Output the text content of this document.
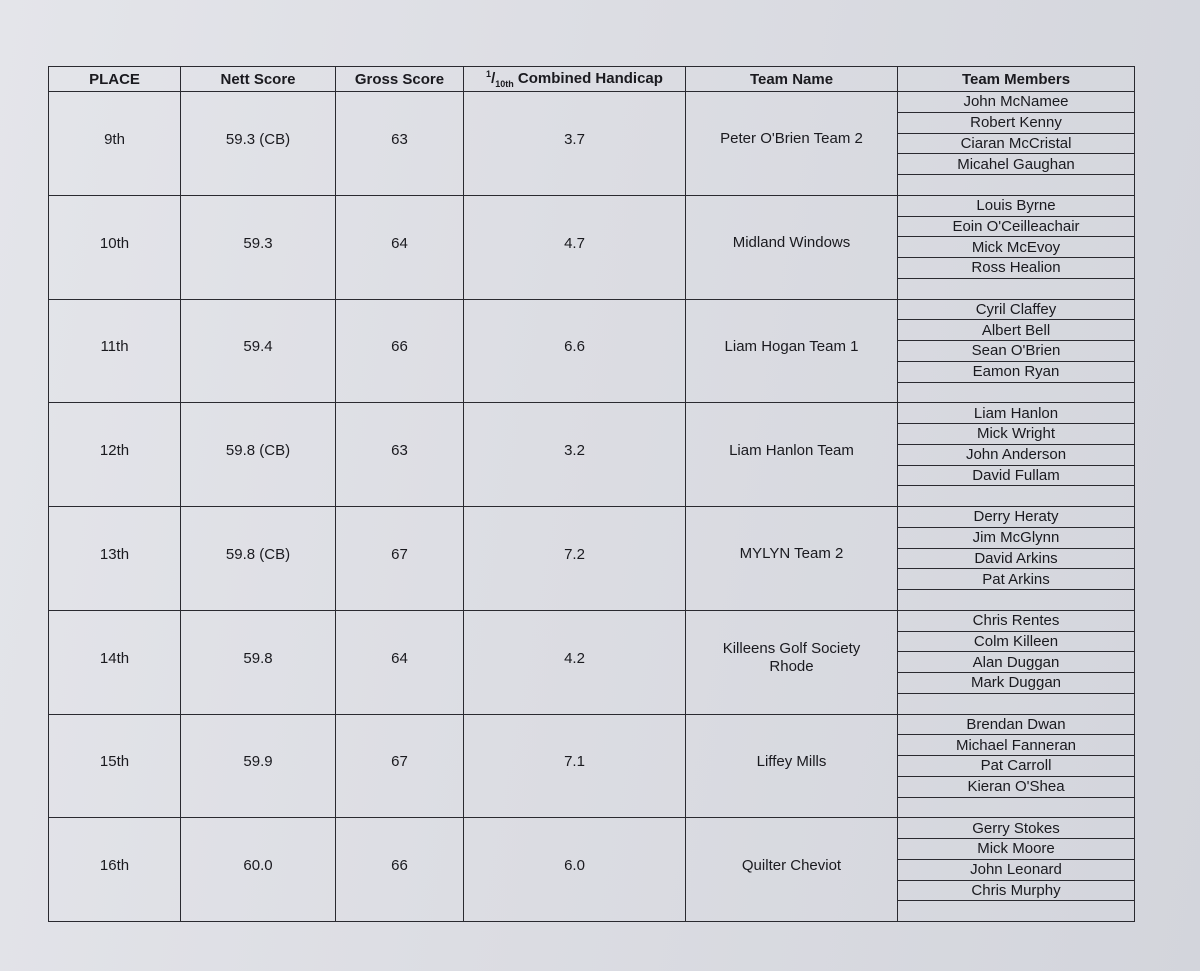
PLACE	Nett Score	Gross Score	$^1/_{10th}$ Combined Handicap	Team Name	Team Members
9th	59.3 (CB)	63	3.7	Peter O'Brien Team 2	John McNamee
Robert Kenny
Ciaran McCristal
Micahel Gaughan

10th	59.3	64	4.7	Midland Windows	Louis Byrne
Eoin O'Ceilleachair
Mick McEvoy
Ross Healion

11th	59.4	66	6.6	Liam Hogan Team 1	Cyril Claffey
Albert Bell
Sean O'Brien
Eamon Ryan

12th	59.8 (CB)	63	3.2	Liam Hanlon Team	Liam Hanlon
Mick Wright
John Anderson
David Fullam

13th	59.8 (CB)	67	7.2	MYLYN Team 2	Derry Heraty
Jim McGlynn
David Arkins
Pat Arkins

14th	59.8	64	4.2	Killeens Golf Society Rhode	Chris Rentes
Colm Killeen
Alan Duggan
Mark Duggan

15th	59.9	67	7.1	Liffey Mills	Brendan Dwan
Michael Fanneran
Pat Carroll
Kieran O'Shea

16th	60.0	66	6.0	Quilter Cheviot	Gerry Stokes
Mick Moore
John Leonard
Chris Murphy
